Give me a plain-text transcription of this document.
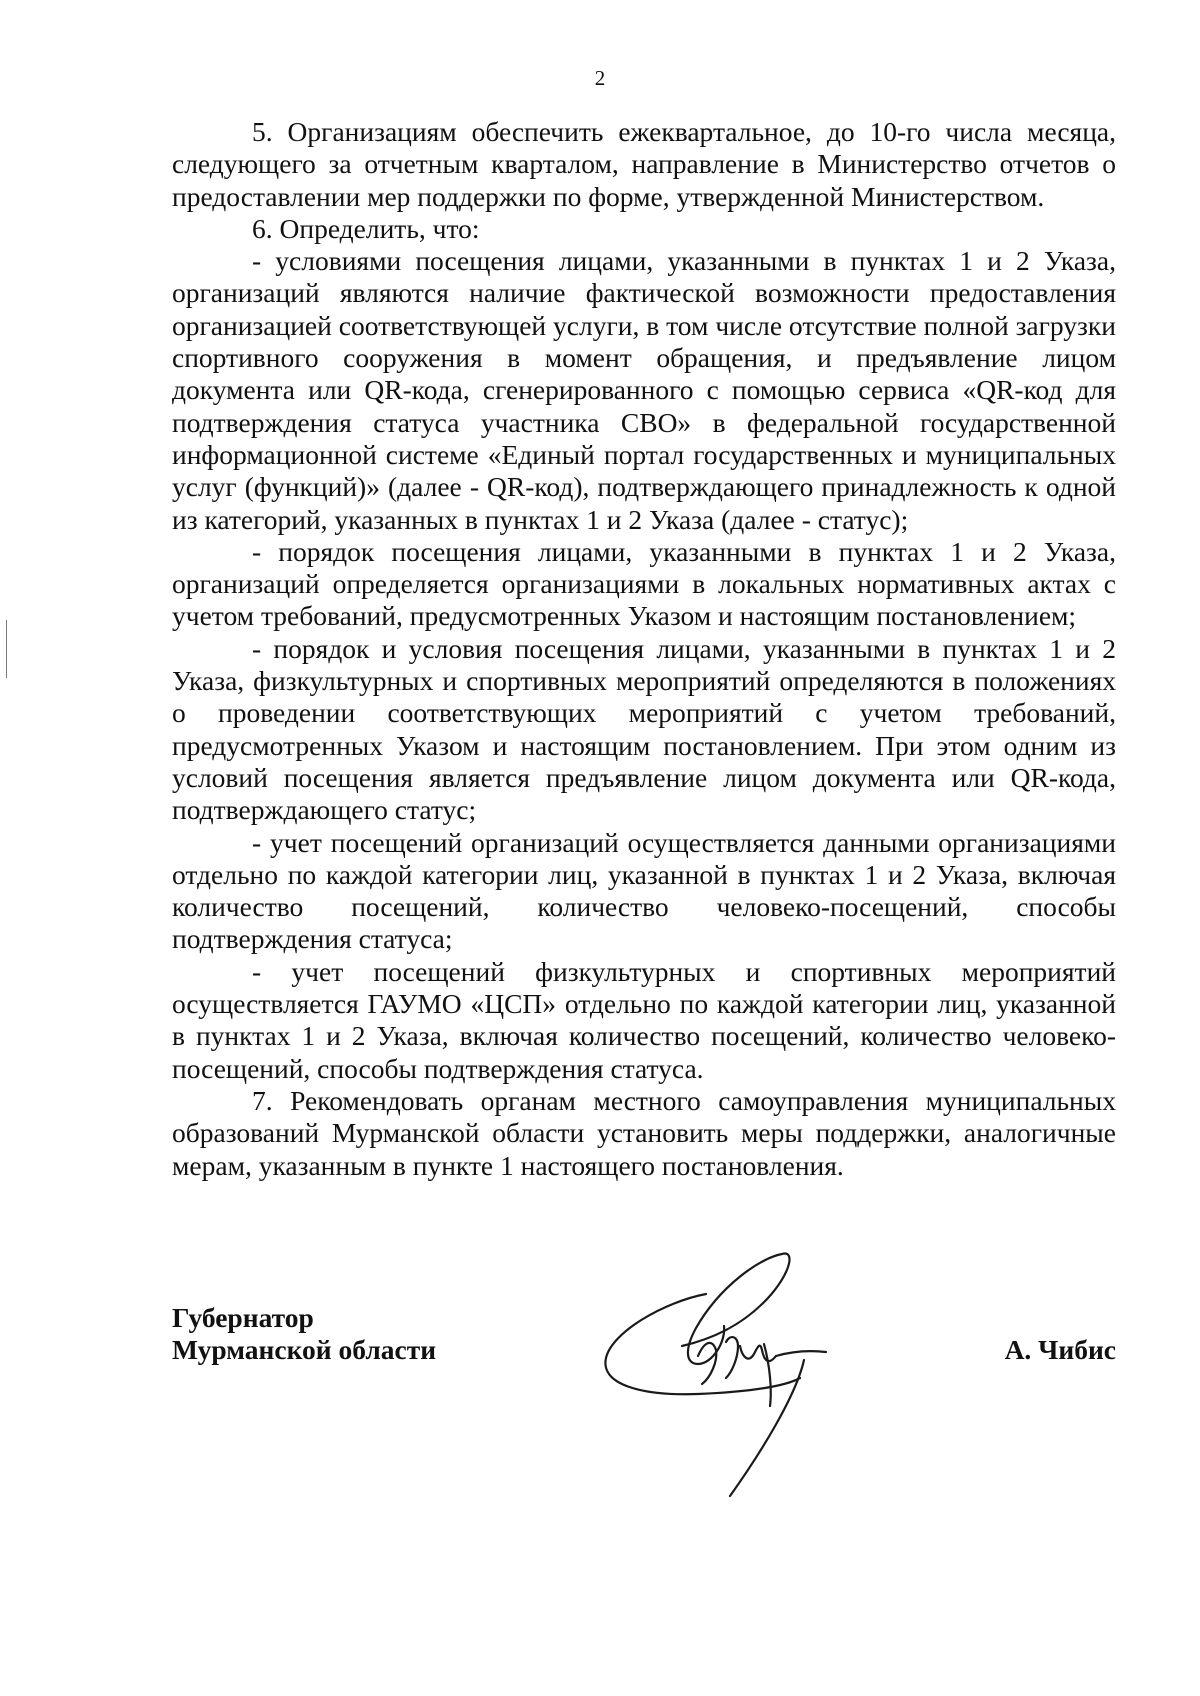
2

5. Организациям обеспечить ежеквартальное, до 10-го числа месяца, следующего за отчетным кварталом, направление в Министерство отчетов о предоставлении мер поддержки по форме, утвержденной Министерством.

6. Определить, что:

- условиями посещения лицами, указанными в пунктах 1 и 2 Указа, организаций являются наличие фактической возможности предоставления организацией соответствующей услуги, в том числе отсутствие полной загрузки спортивного сооружения в момент обращения, и предъявление лицом документа или QR-кода, сгенерированного с помощью сервиса «QR-код для подтверждения статуса участника СВО» в федеральной государственной информационной системе «Единый портал государственных и муниципальных услуг (функций)» (далее - QR-код), подтверждающего принадлежность к одной из категорий, указанных в пунктах 1 и 2 Указа (далее - статус);

- порядок посещения лицами, указанными в пунктах 1 и 2 Указа, организаций определяется организациями в локальных нормативных актах с учетом требований, предусмотренных Указом и настоящим постановлением;

- порядок и условия посещения лицами, указанными в пунктах 1 и 2 Указа, физкультурных и спортивных мероприятий определяются в положениях о проведении соответствующих мероприятий с учетом требований, предусмотренных Указом и настоящим постановлением. При этом одним из условий посещения является предъявление лицом документа или QR-кода, подтверждающего статус;

- учет посещений организаций осуществляется данными организациями отдельно по каждой категории лиц, указанной в пунктах 1 и 2 Указа, включая количество посещений, количество человеко-посещений, способы подтверждения статуса;

- учет посещений физкультурных и спортивных мероприятий осуществляется ГАУМО «ЦСП» отдельно по каждой категории лиц, указанной в пунктах 1 и 2 Указа, включая количество посещений, количество человеко-посещений, способы подтверждения статуса.

7. Рекомендовать органам местного самоуправления муниципальных образований Мурманской области установить меры поддержки, аналогичные мерам, указанным в пункте 1 настоящего постановления.

Губернатор
Мурманской области	А. Чибис
